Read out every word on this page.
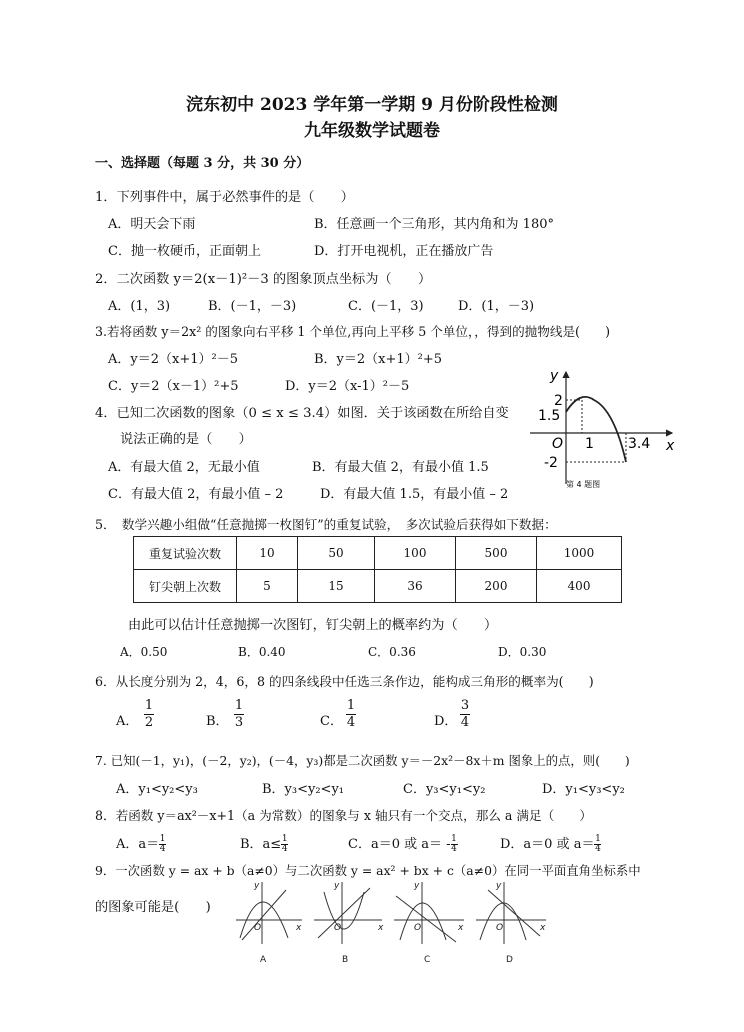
浣东初中 2023 学年第一学期 9 月份阶段性检测
九年级数学试题卷
一、选择题（每题 3 分，共 30 分）
1．下列事件中，属于必然事件的是（　　）
A．明天会下雨	B．任意画一个三角形，其内角和为 180°
C．抛一枚硬币，正面朝上	D．打开电视机，正在播放广告
2．二次函数 y＝2(x－1)²－3 的图象顶点坐标为（　　）
A．(1，3)	B．(－1，－3)	C．(－1，3)	D．(1，－3)
3.若将函数 y＝2x² 的图象向右平移 1 个单位,再向上平移 5 个单位，，得到的抛物线是(　　)
A．y＝2（x+1）²－5	B．y＝2（x+1）²+5
C．y＝2（x－1）²+5	D．y＝2（x-1）²－5
4．已知二次函数的图象（0 ≤ x ≤ 3.4）如图．关于该函数在所给自变
说法正确的是（　　）
A．有最大值 2，无最小值	B．有最大值 2，有最小值 1.5
C．有最大值 2，有最小值 – 2	D．有最大值 1.5，有最小值 – 2
y
x
O
2
1.5
-2
1 3.4
第 4 题图
5．　数学兴趣小组做“任意抛掷一枚图钉”的重复试验，　多次试验后获得如下数据：
重复试验次数	10	50	100	500	1000
钉尖朝上次数	5	15	36	200	400
由此可以估计任意抛掷一次图钉，钉尖朝上的概率约为（　　）
A．0.50	B．0.40	C．0.36	D．0.30
6．从长度分别为 2，4，6，8 的四条线段中任选三条作边，能构成三角形的概率为(　　)
A．
1
2	B．
1
3	C．
1
4	D．
3
4
7. 已知(－1，y₁)，(－2，y₂)，(－4，y₃)都是二次函数 y＝－2x²－8x＋m 图象上的点，则(　　)
A．y₁<y₂<y₃	B．y₃<y₂<y₁	C．y₃<y₁<y₂	D．y₁<y₃<y₂
8．若函数 y＝ax²－x+1（a 为常数）的图象与 x 轴只有一个交点，那么 a 满足（　　）
A．$a= \frac{1}{4}$	B．$a\le \frac{1}{4}$	C．a＝0 或 $a= - \frac{1}{4}$	D．a＝0 或 $a= \frac{1}{4}$
9．一次函数 y = ax + b（a≠0）与二次函数 y = ax² + bx + c（a≠0）在同一平面直角坐标系中
的图象可能是(　　)
y
x
O
y
x
O
y
x
O
y
x
O
A	B	C	D
